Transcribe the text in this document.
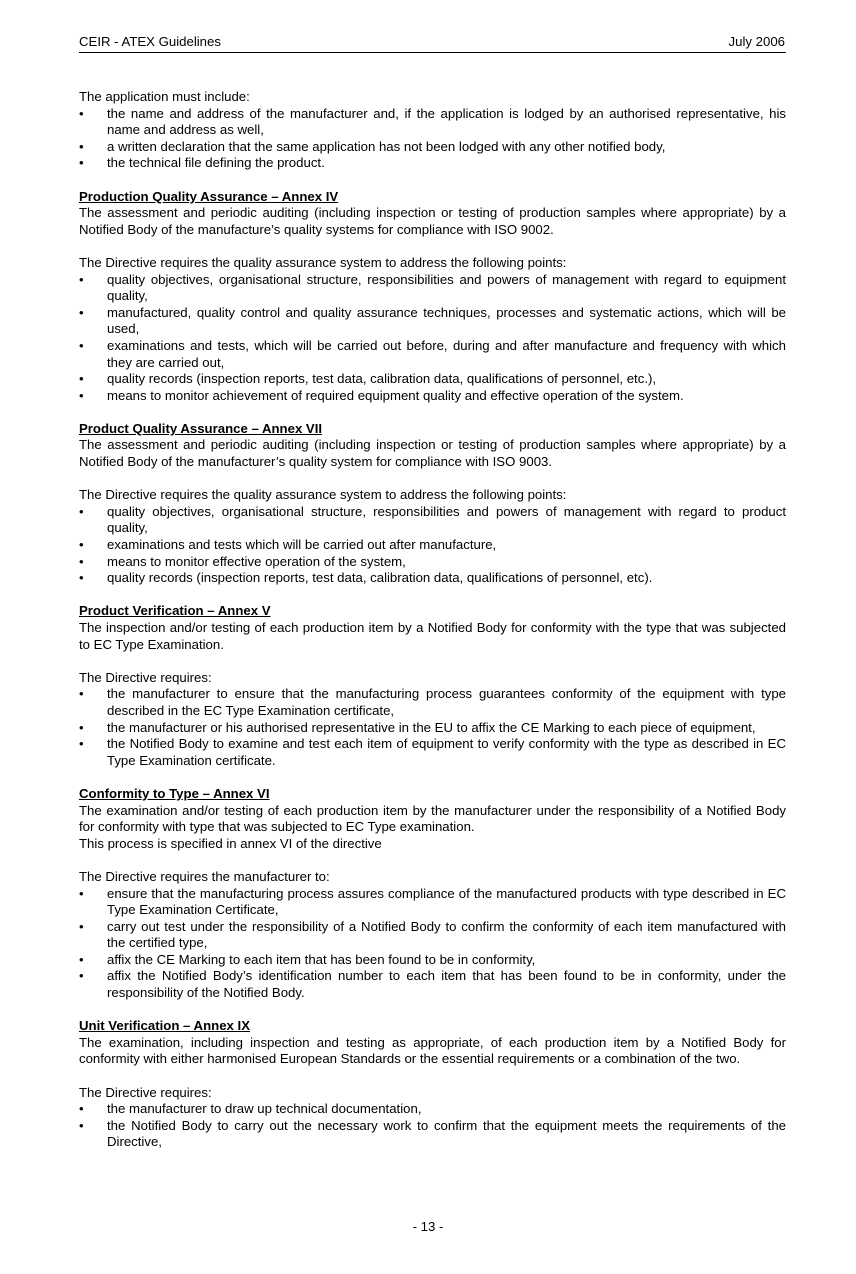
CEIR - ATEX Guidelines	July 2006

The application must include:

• the name and address of the manufacturer and, if the application is lodged by an authorised representative, his name and address as well,
• a written declaration that the same application has not been lodged with any other notified body,
• the technical file defining the product.

Production Quality Assurance – Annex IV

The assessment and periodic auditing (including inspection or testing of production samples where appropriate) by a Notified Body of the manufacture’s quality systems for compliance with ISO 9002.

The Directive requires the quality assurance system to address the following points:

• quality objectives, organisational structure, responsibilities and powers of management with regard to equipment quality,
• manufactured, quality control and quality assurance techniques, processes and systematic actions, which will be used,
• examinations and tests, which will be carried out before, during and after manufacture and frequency with which they are carried out,
• quality records (inspection reports, test data, calibration data, qualifications of personnel, etc.),
• means to monitor achievement of required equipment quality and effective operation of the system.

Product Quality Assurance – Annex VII

The assessment and periodic auditing (including inspection or testing of production samples where appropriate) by a Notified Body of the manufacturer’s quality system for compliance with ISO 9003.

The Directive requires the quality assurance system to address the following points:

• quality objectives, organisational structure, responsibilities and powers of management with regard to product quality,
• examinations and tests which will be carried out after manufacture,
• means to monitor effective operation of the system,
• quality records (inspection reports, test data, calibration data, qualifications of personnel, etc).

Product Verification – Annex V

The inspection and/or testing of each production item by a Notified Body for conformity with the type that was subjected to EC Type Examination.

The Directive requires:

• the manufacturer to ensure that the manufacturing process guarantees conformity of the equipment with type described in the EC Type Examination certificate,
• the manufacturer or his authorised representative in the EU to affix the CE Marking to each piece of equipment,
• the Notified Body to examine and test each item of equipment to verify conformity with the type as described in EC Type Examination certificate.

Conformity to Type – Annex VI

The examination and/or testing of each production item by the manufacturer under the responsibility of a Notified Body for conformity with type that was subjected to EC Type examination.

This process is specified in annex VI of the directive

The Directive requires the manufacturer to:

• ensure that the manufacturing process assures compliance of the manufactured products with type described in EC Type Examination Certificate,
• carry out test under the responsibility of a Notified Body to confirm the conformity of each item manufactured with the certified type,
• affix the CE Marking to each item that has been found to be in conformity,
• affix the Notified Body’s identification number to each item that has been found to be in conformity, under the responsibility of the Notified Body.

Unit Verification – Annex IX

The examination, including inspection and testing as appropriate, of each production item by a Notified Body for conformity with either harmonised European Standards or the essential requirements or a combination of the two.

The Directive requires:

• the manufacturer to draw up technical documentation,
• the Notified Body to carry out the necessary work to confirm that the equipment meets the requirements of the Directive,
- 13 -
